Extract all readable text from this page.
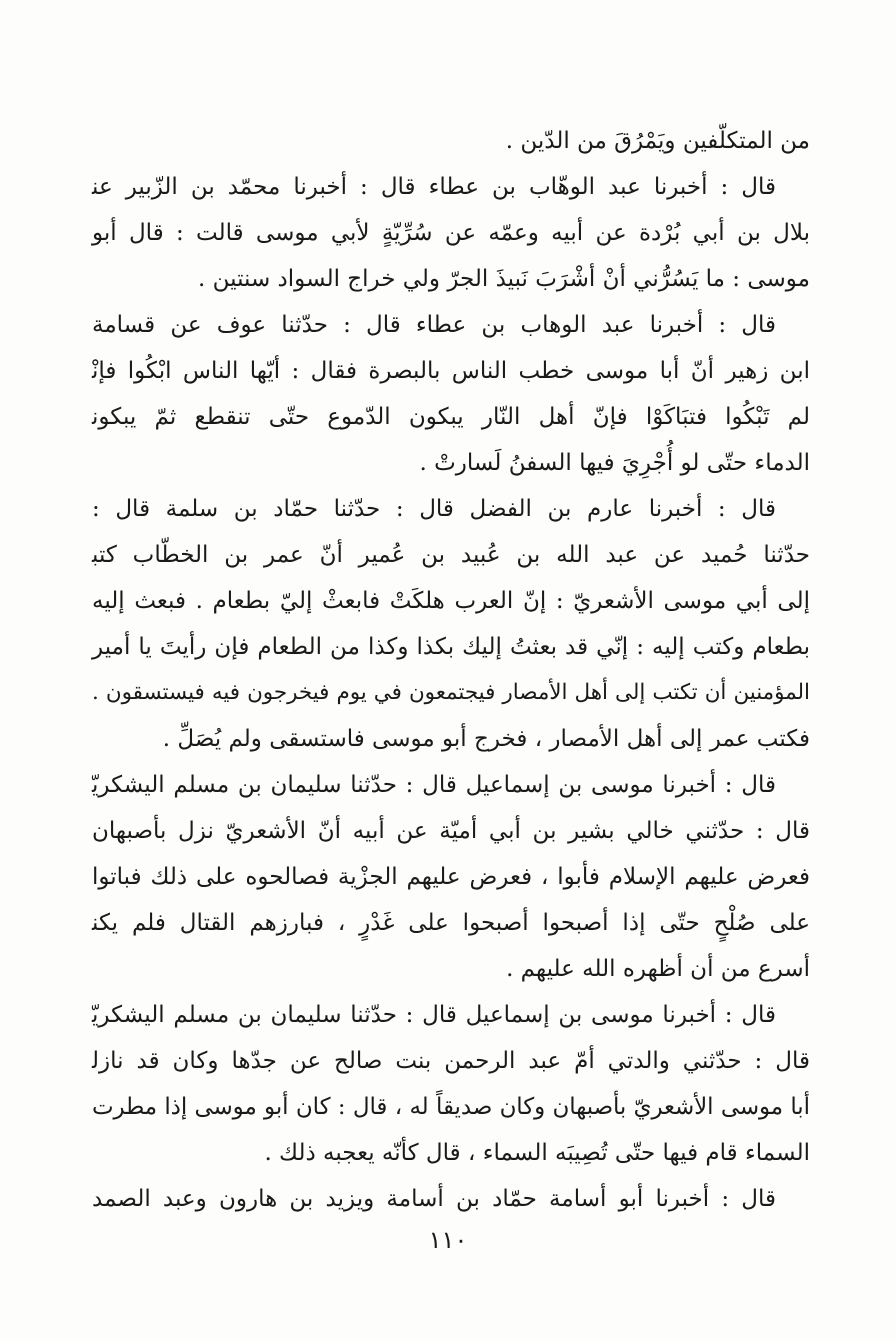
من المتكلّفين ويَمْرُقَ من الدّين .
قال : أخبرنا عبد الوهّاب بن عطاء قال : أخبرنا محمّد بن الزّبير عن
بلال بن أبي بُرْدة عن أبيه وعمّه عن سُرِّيّةٍ لأبي موسى قالت : قال أبو
موسى : ما يَسُرُّني أنْ أشْرَبَ نَبيذَ الجرّ ولي خراج السواد سنتين .
قال : أخبرنا عبد الوهاب بن عطاء قال : حدّثنا عوف عن قسامة
ابن زهير أنّ أبا موسى خطب الناس بالبصرة فقال : أيّها الناس ابْكُوا فإنْ
لم تَبْكُوا فتبَاكَوْا فإنّ أهل النّار يبكون الدّموع حتّى تنقطع ثمّ يبكون
الدماء حتّى لو أُجْرِيَ فيها السفنُ لَسارتْ .
قال : أخبرنا عارم بن الفضل قال : حدّثنا حمّاد بن سلمة قال :
حدّثنا حُميد عن عبد الله بن عُبيد بن عُمير أنّ عمر بن الخطّاب كتب
إلى أبي موسى الأشعريّ : إنّ العرب هلكَتْ فابعثْ إليّ بطعام . فبعث إليه
بطعام وكتب إليه : إنّي قد بعثتُ إليك بكذا وكذا من الطعام فإن رأيتَ يا أمير
المؤمنين أن تكتب إلى أهل الأمصار فيجتمعون في يوم فيخرجون فيه فيستسقون .
فكتب عمر إلى أهل الأمصار ، فخرج أبو موسى فاستسقى ولم يُصَلِّ .
قال : أخبرنا موسى بن إسماعيل قال : حدّثنا سليمان بن مسلم اليشكريّ
قال : حدّثني خالي بشير بن أبي أميّة عن أبيه أنّ الأشعريّ نزل بأصبهان
فعرض عليهم الإسلام فأبوا ، فعرض عليهم الجزْية فصالحوه على ذلك فباتوا
على صُلْحٍ حتّى إذا أصبحوا أصبحوا على غَدْرٍ ، فبارزهم القتال فلم يكن
أسرع من أن أظهره الله عليهم .
قال : أخبرنا موسى بن إسماعيل قال : حدّثنا سليمان بن مسلم اليشكريّ
قال : حدّثني والدتي أمّ عبد الرحمن بنت صالح عن جدّها وكان قد نازل
أبا موسى الأشعريّ بأصبهان وكان صديقاً له ، قال : كان أبو موسى إذا مطرت
السماء قام فيها حتّى تُصِيبَه السماء ، قال كأنّه يعجبه ذلك .
قال : أخبرنا أبو أسامة حمّاد بن أسامة ويزيد بن هارون وعبد الصمد
١١٠
